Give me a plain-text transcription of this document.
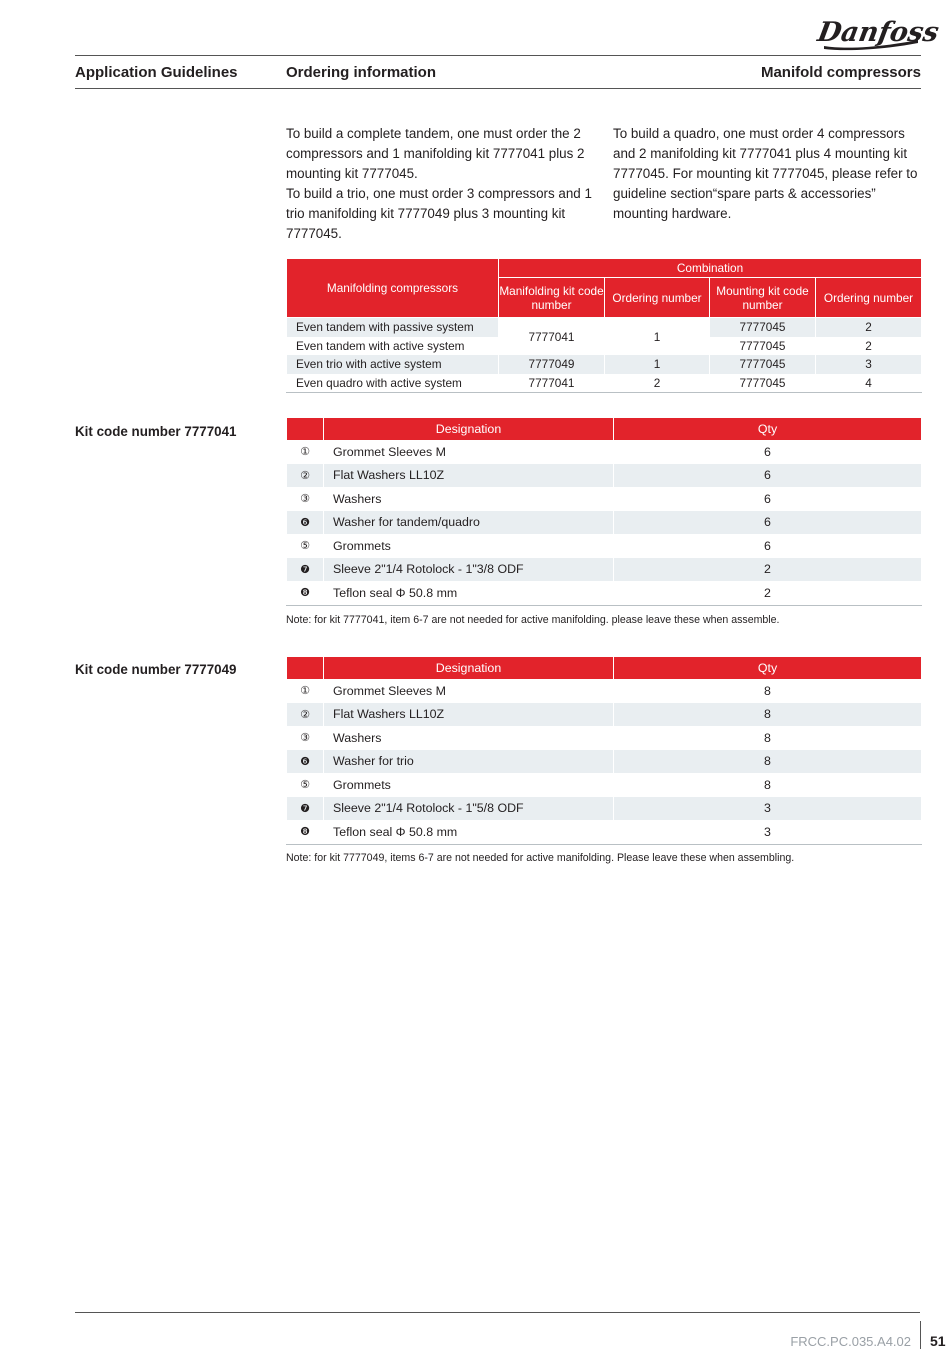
Danfoss
Application Guidelines	Ordering information	Manifold compressors

To build a complete tandem, one must order the 2 compressors and 1 manifolding kit 7777041 plus 2 mounting kit 7777045.

To build a trio, one must order 3 compressors and 1 trio manifolding kit 7777049 plus 3 mounting kit 7777045.

To build a quadro, one must order 4 compressors and 2 manifolding kit 7777041 plus 4 mounting kit 7777045. For mounting kit 7777045, please refer to guideline section“spare parts & accessories” mounting hardware.

Manifolding compressors	Combination			
	Manifolding kit code number	Ordering number	Mounting kit code number	Ordering number
Even tandem with passive system	7777041	1	7777045	2
Even tandem with active system			7777045	2
Even trio with active system	7777049	1	7777045	3
Even quadro with active system	7777041	2	7777045	4
Kit code number 7777041
		Designation	Qty
①	Grommet Sleeves M	6
②	Flat Washers LL10Z	6
③	Washers	6
❻	Washer for tandem/quadro	6
⑤	Grommets	6
❼	Sleeve 2"1/4 Rotolock - 1"3/8 ODF	2
❽	Teflon seal Φ 50.8 mm	2
Note: for kit 7777041, item 6-7 are not needed for active manifolding. please leave these when assemble.
Kit code number 7777049
		Designation	Qty
①	Grommet Sleeves M	8
②	Flat Washers LL10Z	8
③	Washers	8
❻	Washer for trio	8
⑤	Grommets	8
❼	Sleeve 2"1/4 Rotolock - 1"5/8 ODF	3
❽	Teflon seal Φ 50.8 mm	3
Note: for kit 7777049, items 6-7 are not needed for active manifolding. Please leave these when assembling.
FRCC.PC.035.A4.02 51
